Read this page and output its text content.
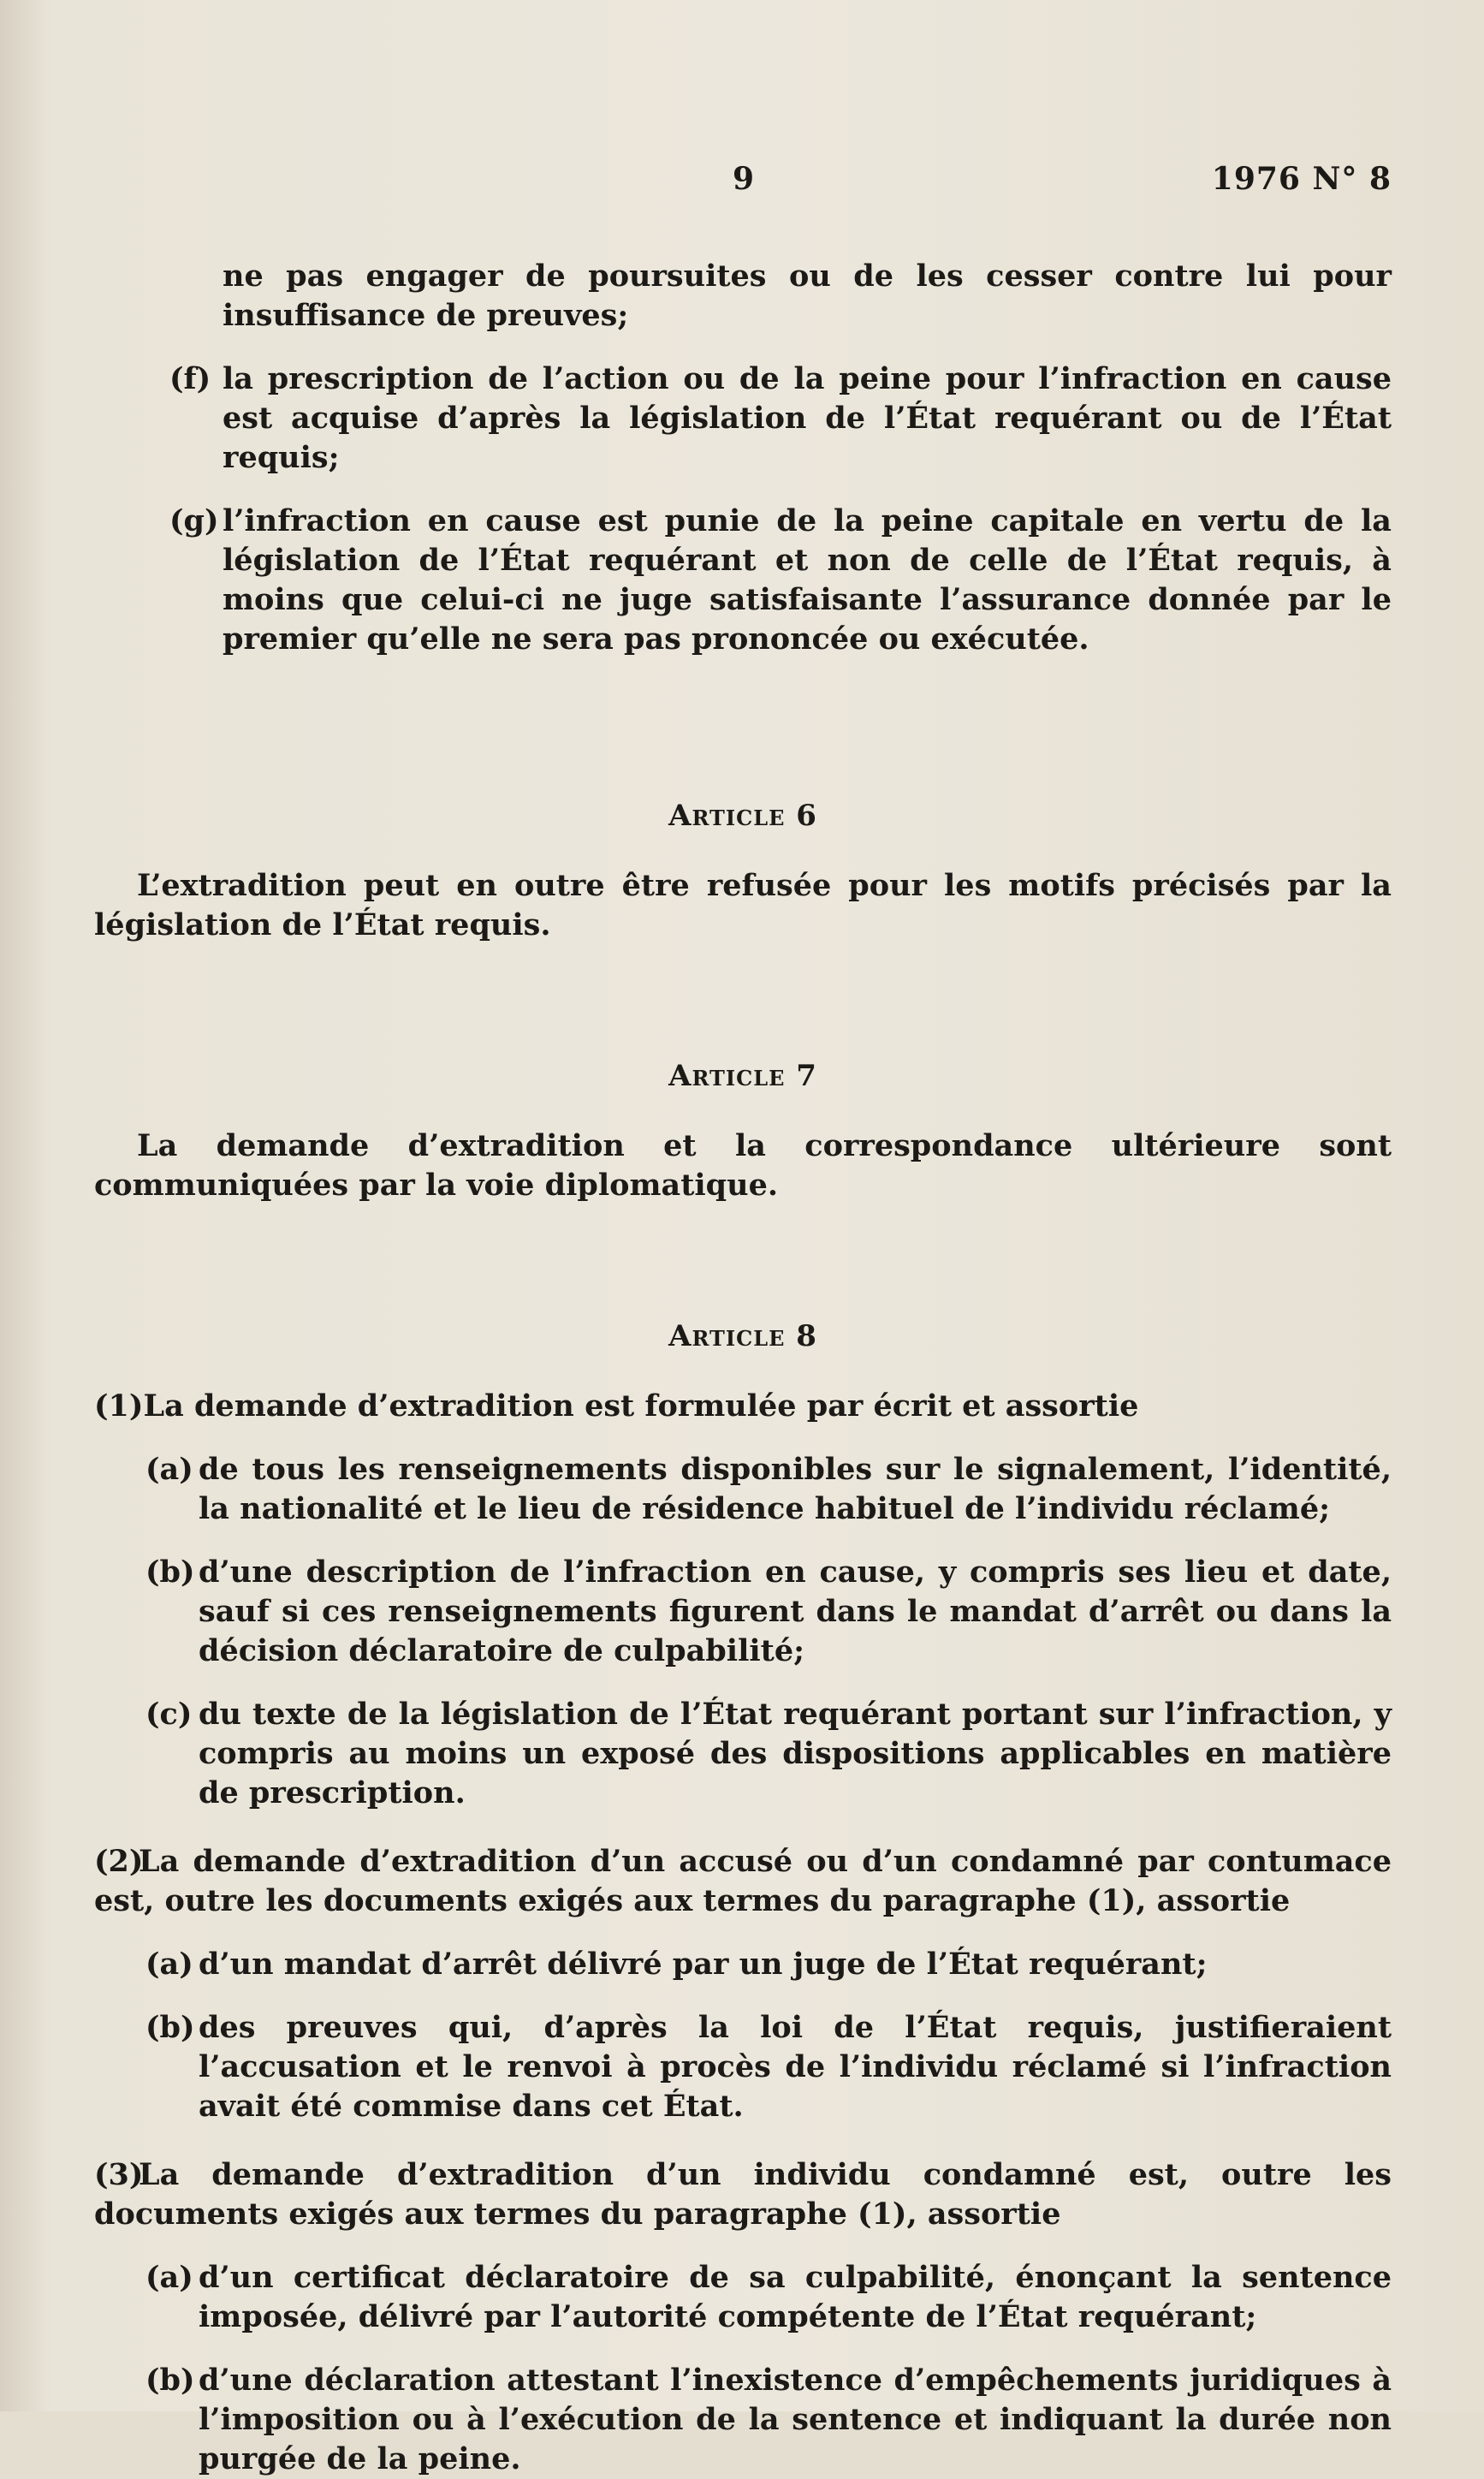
9	1976 N° 8

ne pas engager de poursuites ou de les cesser contre lui pour insuffisance de preuves;

(f) la prescription de l’action ou de la peine pour l’infraction en cause est acquise d’après la législation de l’État requérant ou de l’État requis;
(g) l’infraction en cause est punie de la peine capitale en vertu de la législation de l’État requérant et non de celle de l’État requis, à moins que celui-ci ne juge satisfaisante l’assurance donnée par le premier qu’elle ne sera pas prononcée ou exécutée.
Article 6

L’extradition peut en outre être refusée pour les motifs précisés par la législation de l’État requis.

Article 7

La demande d’extradition et la correspondance ultérieure sont communiquées par la voie diplomatique.

Article 8

(1)La demande d’extradition est formulée par écrit et assortie

(a) de tous les renseignements disponibles sur le signalement, l’identité, la nationalité et le lieu de résidence habituel de l’individu réclamé;
(b) d’une description de l’infraction en cause, y compris ses lieu et date, sauf si ces renseignements figurent dans le mandat d’arrêt ou dans la décision déclaratoire de culpabilité;
(c) du texte de la législation de l’État requérant portant sur l’infraction, y compris au moins un exposé des dispositions applicables en matière de prescription.

(2)La demande d’extradition d’un accusé ou d’un condamné par contumace est, outre les documents exigés aux termes du paragraphe (1), assortie

(a) d’un mandat d’arrêt délivré par un juge de l’État requérant;
(b) des preuves qui, d’après la loi de l’État requis, justifieraient l’accusation et le renvoi à procès de l’individu réclamé si l’infraction avait été commise dans cet État.

(3)La demande d’extradition d’un individu condamné est, outre les documents exigés aux termes du paragraphe (1), assortie

(a) d’un certificat déclaratoire de sa culpabilité, énonçant la sentence imposée, délivré par l’autorité compétente de l’État requérant;
(b) d’une déclaration attestant l’inexistence d’empêchements juridiques à l’imposition ou à l’exécution de la sentence et indiquant la durée non purgée de la peine.
